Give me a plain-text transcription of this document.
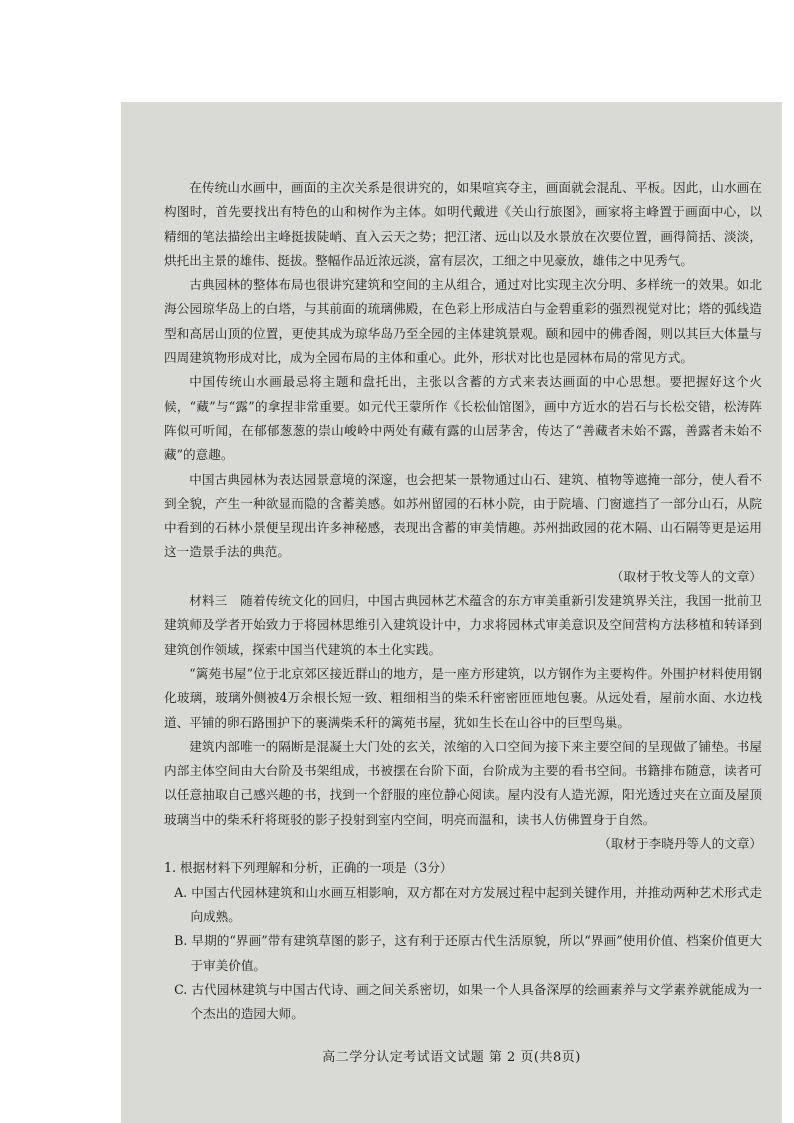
在传统山水画中，画面的主次关系是很讲究的，如果喧宾夺主，画面就会混乱、平板。因此，山水画在构图时，首先要找出有特色的山和树作为主体。如明代戴进《关山行旅图》，画家将主峰置于画面中心，以精细的笔法描绘出主峰挺拔陡峭、直入云天之势；把江渚、远山以及水景放在次要位置，画得简括、淡淡，烘托出主景的雄伟、挺拔。整幅作品近浓远淡，富有层次，工细之中见豪放，雄伟之中见秀气。

古典园林的整体布局也很讲究建筑和空间的主从组合，通过对比实现主次分明、多样统一的效果。如北海公园琼华岛上的白塔，与其前面的琉璃佛殿，在色彩上形成洁白与金碧重彩的强烈视觉对比；塔的弧线造型和高居山顶的位置，更使其成为琼华岛乃至全园的主体建筑景观。颐和园中的佛香阁，则以其巨大体量与四周建筑物形成对比，成为全园布局的主体和重心。此外，形状对比也是园林布局的常见方式。

中国传统山水画最忌将主题和盘托出，主张以含蓄的方式来表达画面的中心思想。要把握好这个火候，“藏”与“露”的拿捏非常重要。如元代王蒙所作《长松仙馆图》，画中方近水的岩石与长松交错，松涛阵阵似可听闻，在郁郁葱葱的崇山峻岭中两处有藏有露的山居茅舍，传达了“善藏者未始不露，善露者未始不藏”的意趣。

中国古典园林为表达园景意境的深邃，也会把某一景物通过山石、建筑、植物等遮掩一部分，使人看不到全貌，产生一种欲显而隐的含蓄美感。如苏州留园的石林小院，由于院墙、门窗遮挡了一部分山石，从院中看到的石林小景便呈现出许多神秘感，表现出含蓄的审美情趣。苏州拙政园的花木隔、山石隔等更是运用这一造景手法的典范。

（取材于牧戈等人的文章）

材料三　随着传统文化的回归，中国古典园林艺术蕴含的东方审美重新引发建筑界关注，我国一批前卫建筑师及学者开始致力于将园林思维引入建筑设计中，力求将园林式审美意识及空间营构方法移植和转译到建筑创作领域，探索中国当代建筑的本土化实践。

“篱苑书屋”位于北京郊区接近群山的地方，是一座方形建筑，以方钢作为主要构件。外围护材料使用钢化玻璃，玻璃外侧被4万余根长短一致、粗细相当的柴禾秆密密匝匝地包裹。从远处看，屋前水面、水边栈道、平铺的卵石路围护下的裹满柴禾秆的篱苑书屋，犹如生长在山谷中的巨型鸟巢。

建筑内部唯一的隔断是混凝土大门处的玄关，浓缩的入口空间为接下来主要空间的呈现做了铺垫。书屋内部主体空间由大台阶及书架组成，书被摆在台阶下面，台阶成为主要的看书空间。书籍排布随意，读者可以任意抽取自己感兴趣的书，找到一个舒服的座位静心阅读。屋内没有人造光源，阳光透过夹在立面及屋顶玻璃当中的柴禾秆将斑驳的影子投射到室内空间，明亮而温和，读书人仿佛置身于自然。

（取材于李晓丹等人的文章）

1. 根据材料下列理解和分析，正确的一项是（3分）

A. 中国古代园林建筑和山水画互相影响，双方都在对方发展过程中起到关键作用，并推动两种艺术形式走向成熟。

B. 早期的“界画”带有建筑草图的影子，这有利于还原古代生活原貌，所以“界画”使用价值、档案价值更大于审美价值。

C. 古代园林建筑与中国古代诗、画之间关系密切，如果一个人具备深厚的绘画素养与文学素养就能成为一个杰出的造园大师。

高二学分认定考试语文试题 第 2 页(共8页)
